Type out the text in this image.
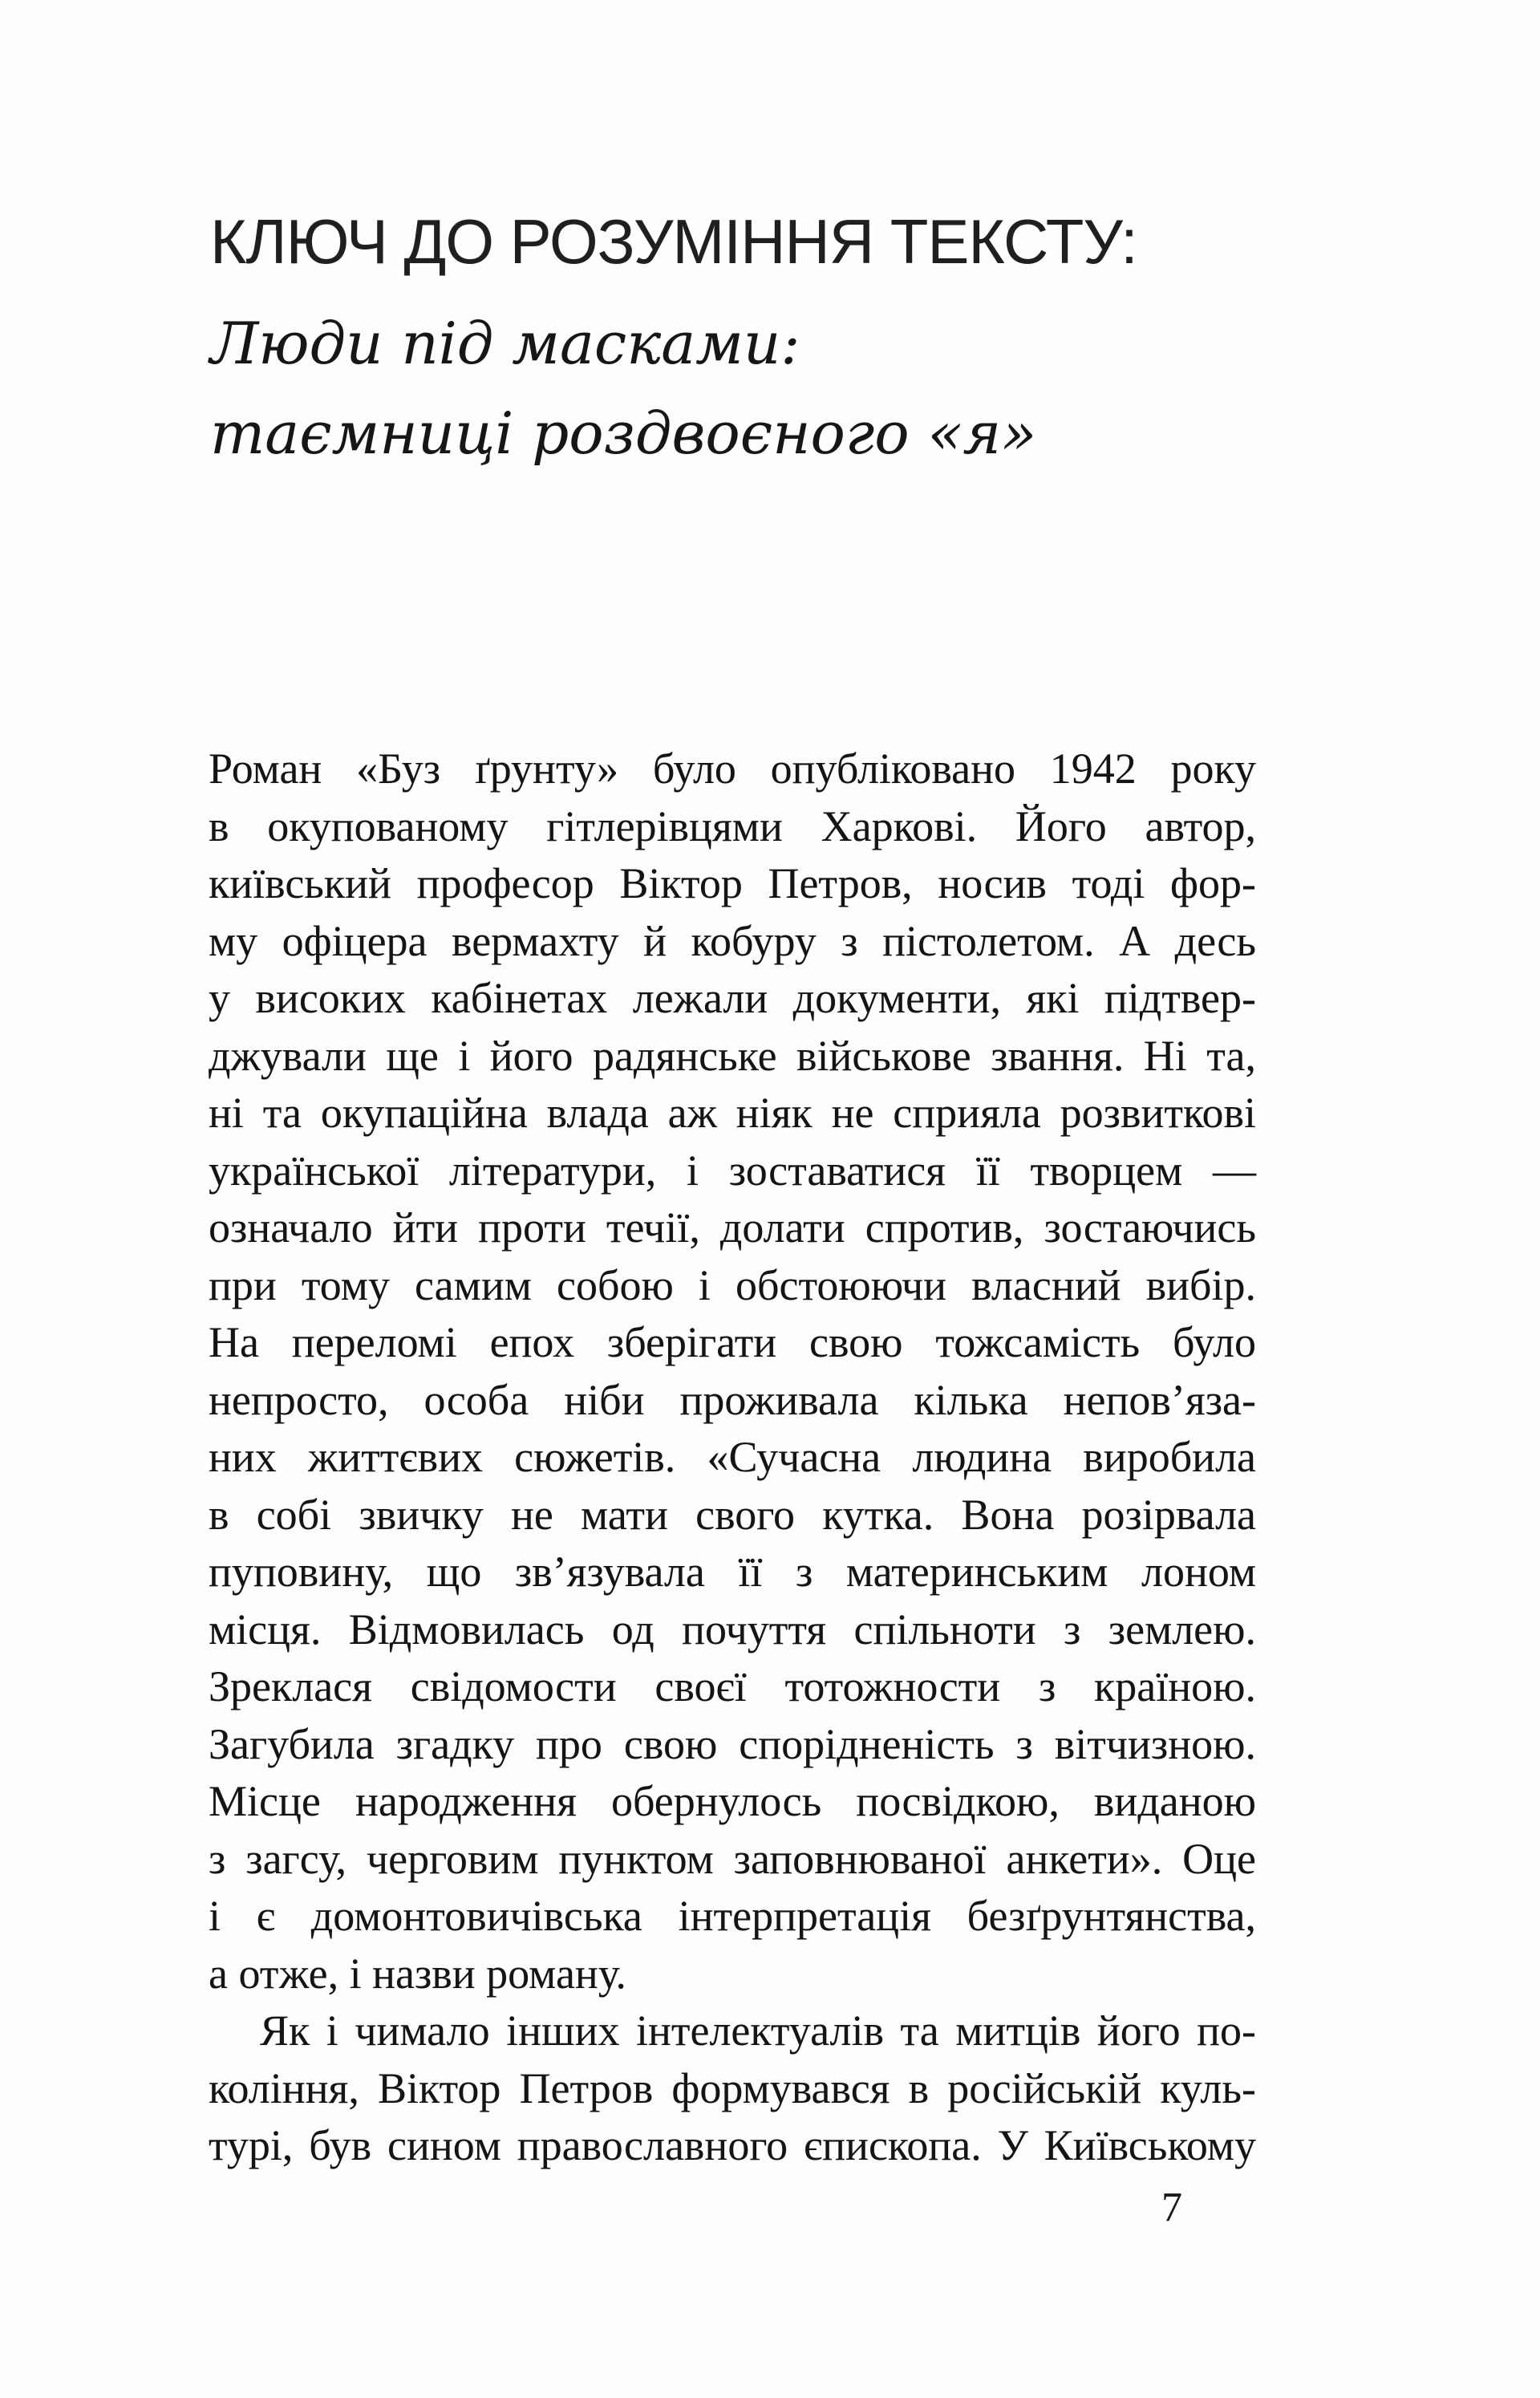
КЛЮЧ ДО РОЗУМІННЯ ТЕКСТУ:
Люди під масками:
таємниці роздвоєного «я»
Роман «Буз ґрунту» було опубліковано 1942 року
в окупованому гітлерівцями Харкові. Його автор,
київський професор Віктор Петров, носив тоді фор-
му офіцера вермахту й кобуру з пістолетом. А десь
у високих кабінетах лежали документи, які підтвер-
джували ще і його радянське військове звання. Ні та,
ні та окупаційна влада аж ніяк не сприяла розвиткові
української літератури, і зоставатися її творцем —
означало йти проти течії, долати спротив, зостаючись
при тому самим собою і обстоюючи власний вибір.
На переломі епох зберігати свою тожсамість було
непросто, особа ніби проживала кілька непов’яза-
них життєвих сюжетів. «Сучасна людина виробила
в собі звичку не мати свого кутка. Вона розірвала
пуповину, що зв’язувала її з материнським лоном
місця. Відмовилась од почуття спільноти з землею.
Зреклася свідомости своєї тотожности з країною.
Загубила згадку про свою спорідненість з вітчизною.
Місце народження обернулось посвідкою, виданою
з загсу, черговим пунктом заповнюваної анкети». Оце
і є домонтовичівська інтерпретація безґрунтянства,
а отже, і назви роману.
Як і чимало інших інтелектуалів та митців його по-
коління, Віктор Петров формувався в російській куль-
турі, був сином православного єпископа. У Київському
7
